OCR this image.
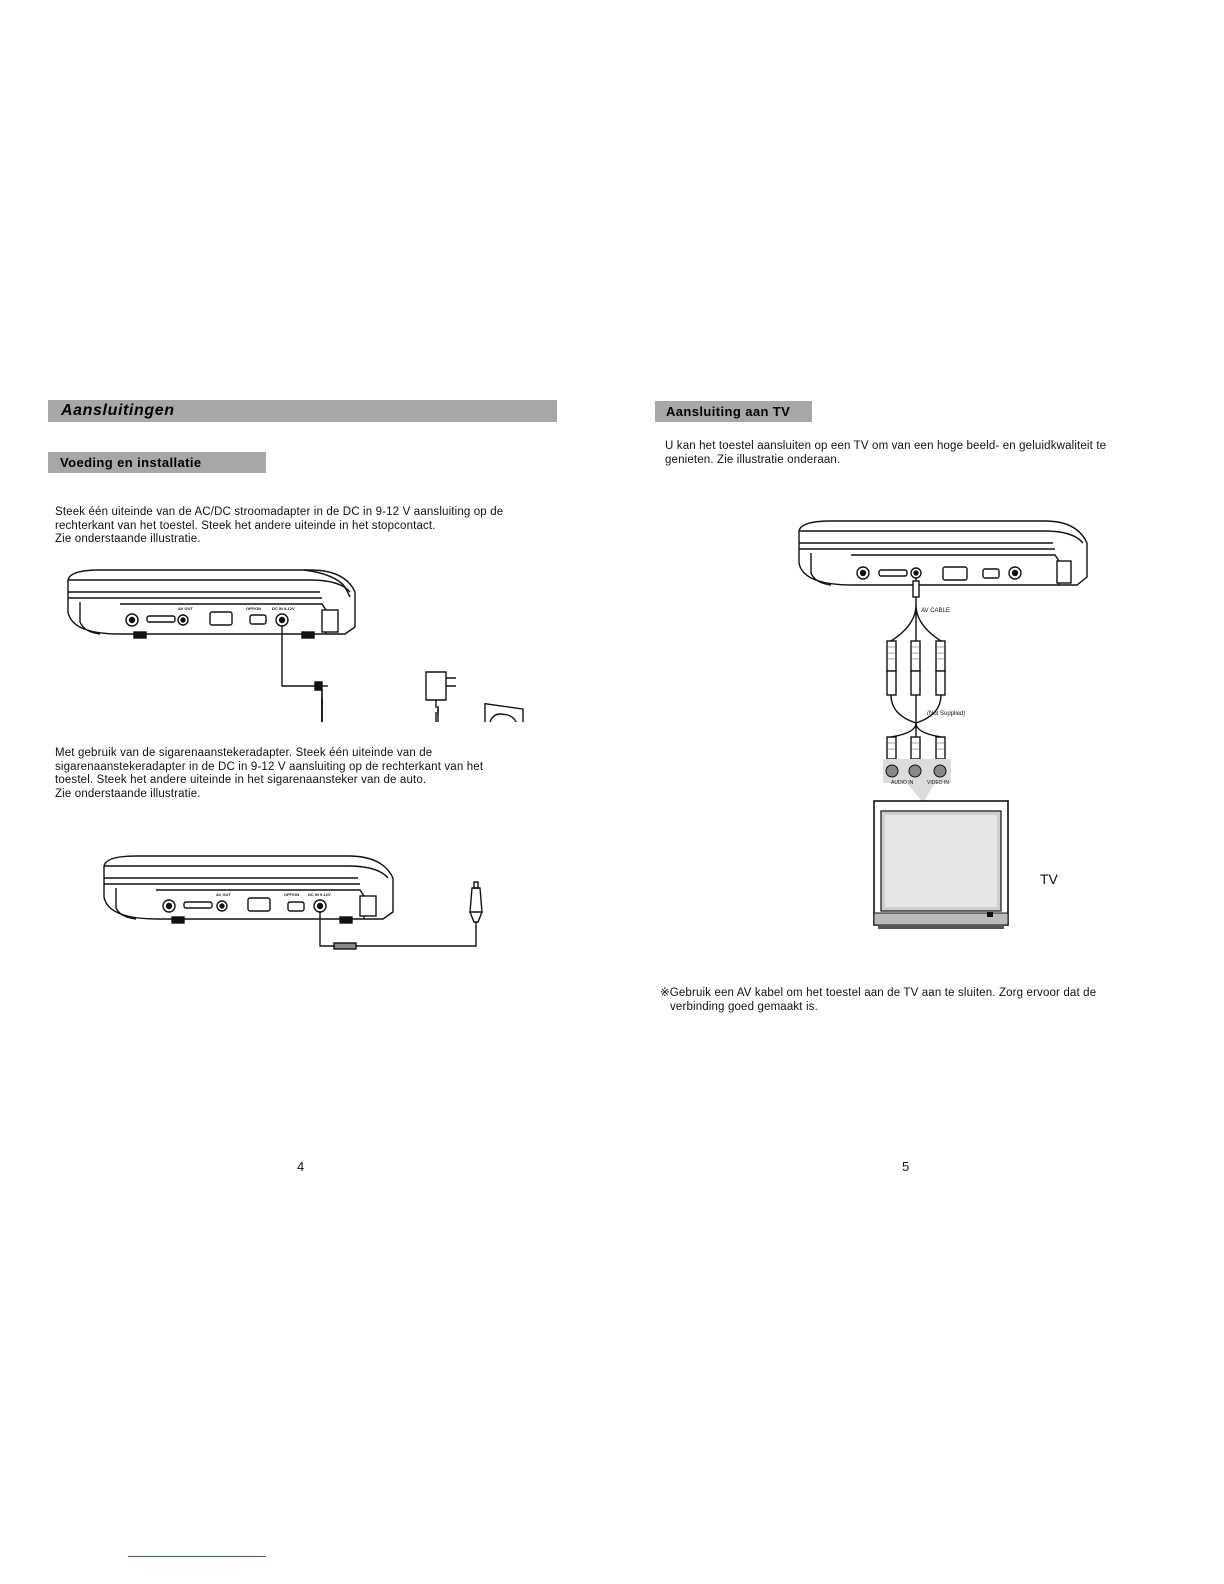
Aansluitingen
Voeding en installatie

Steek één uiteinde van de AC/DC stroomadapter in de DC in 9-12 V aansluiting op de

rechterkant van het toestel. Steek het andere uiteinde in het stopcontact.

Zie onderstaande illustratie.

AV OUT	OFF/ON	DC IN 9-12V

Met gebruik van de sigarenaanstekeradapter. Steek één uiteinde van de

sigarenaanstekeradapter in de DC in 9-12 V aansluiting op de rechterkant van het

toestel. Steek het andere uiteinde in het sigarenaansteker van de auto.

Zie onderstaande illustratie.

AV OUT	OFF/ON DC IN 9-12V
4
Aansluiting aan TV

U kan het toestel aansluiten op een TV om van een hoge beeld- en geluidkwaliteit te

genieten. Zie illustratie onderaan.

AV CABLE
(Not Supplied)
AUDIO IN	VIDEO IN
TV

※Gebruik een AV kabel om het toestel aan de TV aan te sluiten. Zorg ervoor dat de

verbinding goed gemaakt is.

5
